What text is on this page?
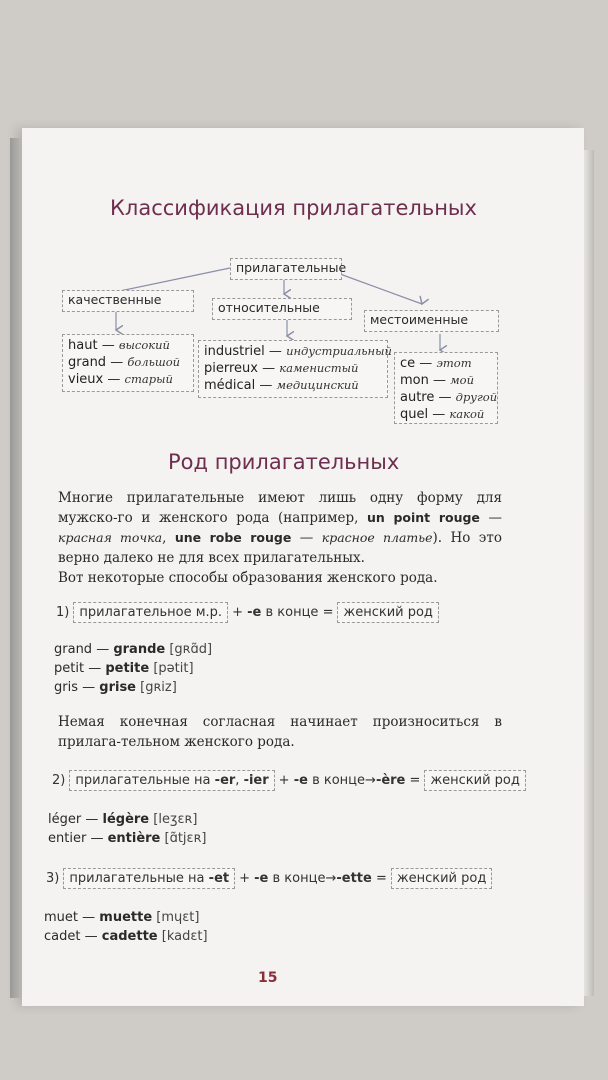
Классификация прилагательных
прилагательные
качественные
относительные
местоименные
haut — высокий
grand — большой
vieux — старый
industriel — индустриальный
pierreux — каменистый
médical — медицинский
ce — этот
mon — мой
autre — другой
quel — какой
Род прилагательных
Многие прилагательные имеют лишь одну форму для мужско-го и женского рода (например, un point rouge — красная точка, une robe rouge — красное платье). Но это верно далеко не для всех прилагательных.
Вот некоторые способы образования женского рода.
1) прилагательное м.р. + -e в конце = женский род
grand — grande [gʀɑ̃d]
petit — petite [pətit]
gris — grise [gʀiz]
Немая конечная согласная начинает произноситься в прилага-тельном женского рода.
2) прилагательные на -er, -ier + -e в конце→-ère = женский род
léger — légère [leʒɛʀ]
entier — entière [ɑ̃tjɛʀ]
3) прилагательные на -et + -e в конце→-ette = женский род
muet — muette [mɥɛt]
cadet — cadette [kadɛt]
15
